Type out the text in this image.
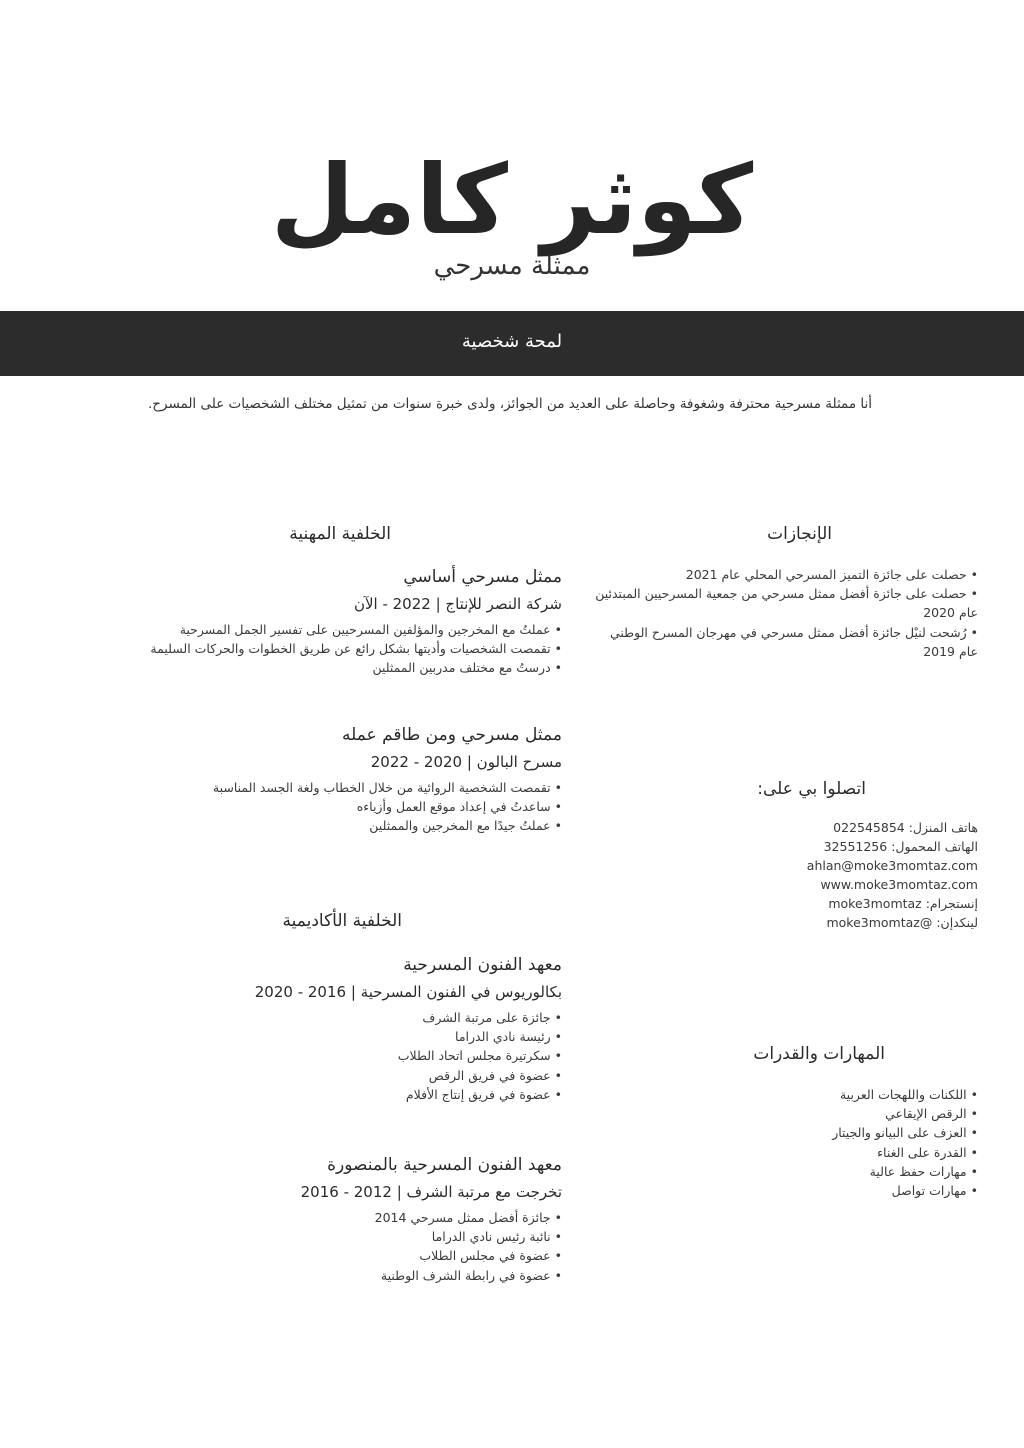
كوثر كامل
ممثلة مسرحي
لمحة شخصية
أنا ممثلة مسرحية محترفة وشغوفة وحاصلة على العديد من الجوائز، ولدى خبرة سنوات من تمثيل مختلف الشخصيات على المسرح.
الخلفية المهنية
ممثل مسرحي أساسي
شركة النصر للإنتاج | 2022 - الآن
• عملتُ مع المخرجين والمؤلفين المسرحيين على تفسير الجمل المسرحية
• تقمصت الشخصيات وأديتها بشكل رائع عن طريق الخطوات والحركات السليمة
• درستُ مع مختلف مدربين الممثلين
ممثل مسرحي ومن طاقم عمله
مسرح البالون | 2020 - 2022
• تقمصت الشخصية الروائية من خلال الخطاب ولغة الجسد المناسبة
• ساعدتُ في إعداد موقع العمل وأزياءه
• عملتُ جيدًا مع المخرجين والممثلين
الخلفية الأكاديمية
معهد الفنون المسرحية
بكالوريوس في الفنون المسرحية | 2016 - 2020
• جائزة على مرتبة الشرف
• رئيسة نادي الدراما
• سكرتيرة مجلس اتحاد الطلاب
• عضوة في فريق الرقص
• عضوة في فريق إنتاج الأفلام
معهد الفنون المسرحية بالمنصورة
تخرجت مع مرتبة الشرف | 2012 - 2016
• جائزة أفضل ممثل مسرحي 2014
• نائبة رئيس نادي الدراما
• عضوة في مجلس الطلاب
• عضوة في رابطة الشرف الوطنية
الإنجازات
• حصلت على جائزة التميز المسرحي المحلي عام 2021
• حصلت على جائزة أفضل ممثل مسرحي من جمعية المسرحيين المبتدئين عام 2020
• رُشحت لنيْل جائزة أفضل ممثل مسرحي في مهرجان المسرح الوطني عام 2019
اتصلوا بي على:
هاتف المنزل: 022545854
الهاتف المحمول: 32551256
ahlan@moke3momtaz.com
www.moke3momtaz.com
إنستجرام: moke3momtaz
لينكدإن: @moke3momtaz
المهارات والقدرات
• اللكنات واللهجات العربية
• الرقص الإيقاعي
• العزف على البيانو والجيتار
• القدرة على الغناء
• مهارات حفظ عالية
• مهارات تواصل
